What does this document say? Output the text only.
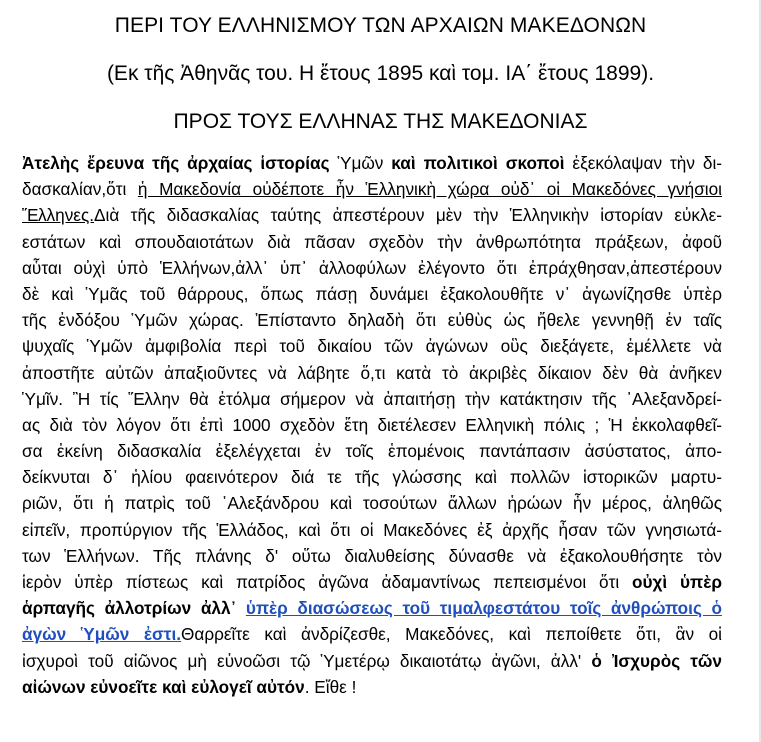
ΠΕΡΙ ΤΟΥ ΕΛΛΗΝΙΣΜΟΥ ΤΩΝ ΑΡΧΑΙΩΝ ΜΑΚΕΔΟΝΩΝ
(Εκ τῆς Ἀθηνᾶς του. Η ἔτους 1895 καὶ τομ. ΙΑ΄ ἔτους 1899).
ΠΡΟΣ ΤΟΥΣ ΕΛΛΗΝΑΣ ΤΗΣ ΜΑΚΕΔΟΝΙΑΣ
Ἀτελὴς ἔρευνα τῆς ἀρχαίας ἱστορίας Ὑμῶν καὶ πολιτικοὶ σκοποὶ ἐξεκόλαψαν τὴν δι-
δασκαλίαν,ὅτι ἡ Μακεδονία οὐδέποτε ἦν Ἑλληνικὴ χώρα οὐδ᾽ οἱ Μακεδόνες γνήσιοι
Ἕλληνες.Διὰ τῆς διδασκαλίας ταύτης ἀπεστέρουν μὲν τὴν Ἑλληνικὴν ἱστορίαν εὐκλε-
εστάτων καὶ σπουδαιοτάτων διὰ πᾶσαν σχεδὸν τὴν ἀνθρωπότητα πράξεων, ἀφοῦ
αὗται οὐχὶ ὑπὸ Ἑλλήνων,ἀλλ᾽ ὑπ᾽ ἀλλοφύλων ἐλέγοντο ὅτι ἐπράχθησαν,ἀπεστέρουν
δὲ καὶ Ὑμᾶς τοῦ θάρρους, ὅπως πάσῃ δυνάμει ἐξακολουθῆτε ν᾽ ἀγωνίζησθε ὑπὲρ
τῆς ἐνδόξου Ὑμῶν χώρας. Ἐπίσταντο δηλαδὴ ὅτι εὐθὺς ὡς ἤθελε γεννηθῇ ἐν ταῖς
ψυχαῖς Ὑμῶν ἀμφιβολία περὶ τοῦ δικαίου τῶν ἀγώνων οὓς διεξάγετε, ἐμέλλετε νὰ
ἀποστῆτε αὐτῶν ἀπαξιοῦντες νὰ λάβητε ὅ,τι κατὰ τὸ ἀκριβὲς δίκαιον δὲν θὰ ἀνῆκεν
Ὑμῖν. Ἢ τίς Ἕλλην θὰ ἐτόλμα σήμερον νὰ ἀπαιτήσῃ τὴν κατάκτησιν τῆς ᾽Αλεξανδρεί-
ας διὰ τὸν λόγον ὅτι ἐπὶ 1000 σχεδὸν ἔτη διετέλεσεν Ελληνικὴ πόλις ; Ἡ ἐκκολαφθεῖ-
σα ἐκείνη διδασκαλία ἐξελέγχεται ἐν τοῖς ἑπομένοις παντάπασιν ἀσύστατος, ἀπο-
δείκνυται δ᾽ ἡλίου φαεινότερον διά τε τῆς γλώσσης καὶ πολλῶν ἱστορικῶν μαρτυ-
ριῶν, ὅτι ἡ πατρὶς τοῦ ᾽Αλεξάνδρου καὶ τοσούτων ἄλλων ἡρώων ἦν μέρος, ἀληθῶς
εἰπεῖν, προπύργιον τῆς Ἑλλάδος, καὶ ὅτι οἱ Μακεδόνες ἐξ ἀρχῆς ἦσαν τῶν γνησιωτά-
των Ἑλλήνων. Τῆς πλάνης δ' οὕτω διαλυθείσης δύνασθε νὰ ἐξακολουθήσητε τὸν
ἱερὸν ὑπὲρ πίστεως καὶ πατρίδος ἀγῶνα ἀδαμαντίνως πεπεισμένοι ὅτι οὐχὶ ὑπὲρ
ἁρπαγῆς ἀλλοτρίων ἀλλ᾽ ὑπὲρ διασώσεως τοῦ τιμαλφεστάτου τοῖς ἀνθρώποις ὁ
ἀγὼν Ὑμῶν ἐστι.Θαρρεῖτε καὶ ἀνδρίζεσθε, Μακεδόνες, καὶ πεποίθετε ὅτι, ἂν οἱ
ἰσχυροὶ τοῦ αἰῶνος μὴ εὐνοῶσι τῷ Ὑμετέρῳ δικαιοτάτῳ ἀγῶνι, ἀλλ' ὁ Ἰσχυρὸς τῶν
αἰώνων εὐνοεῖτε καὶ εὐλογεῖ αὐτόν. Εἴθε !
